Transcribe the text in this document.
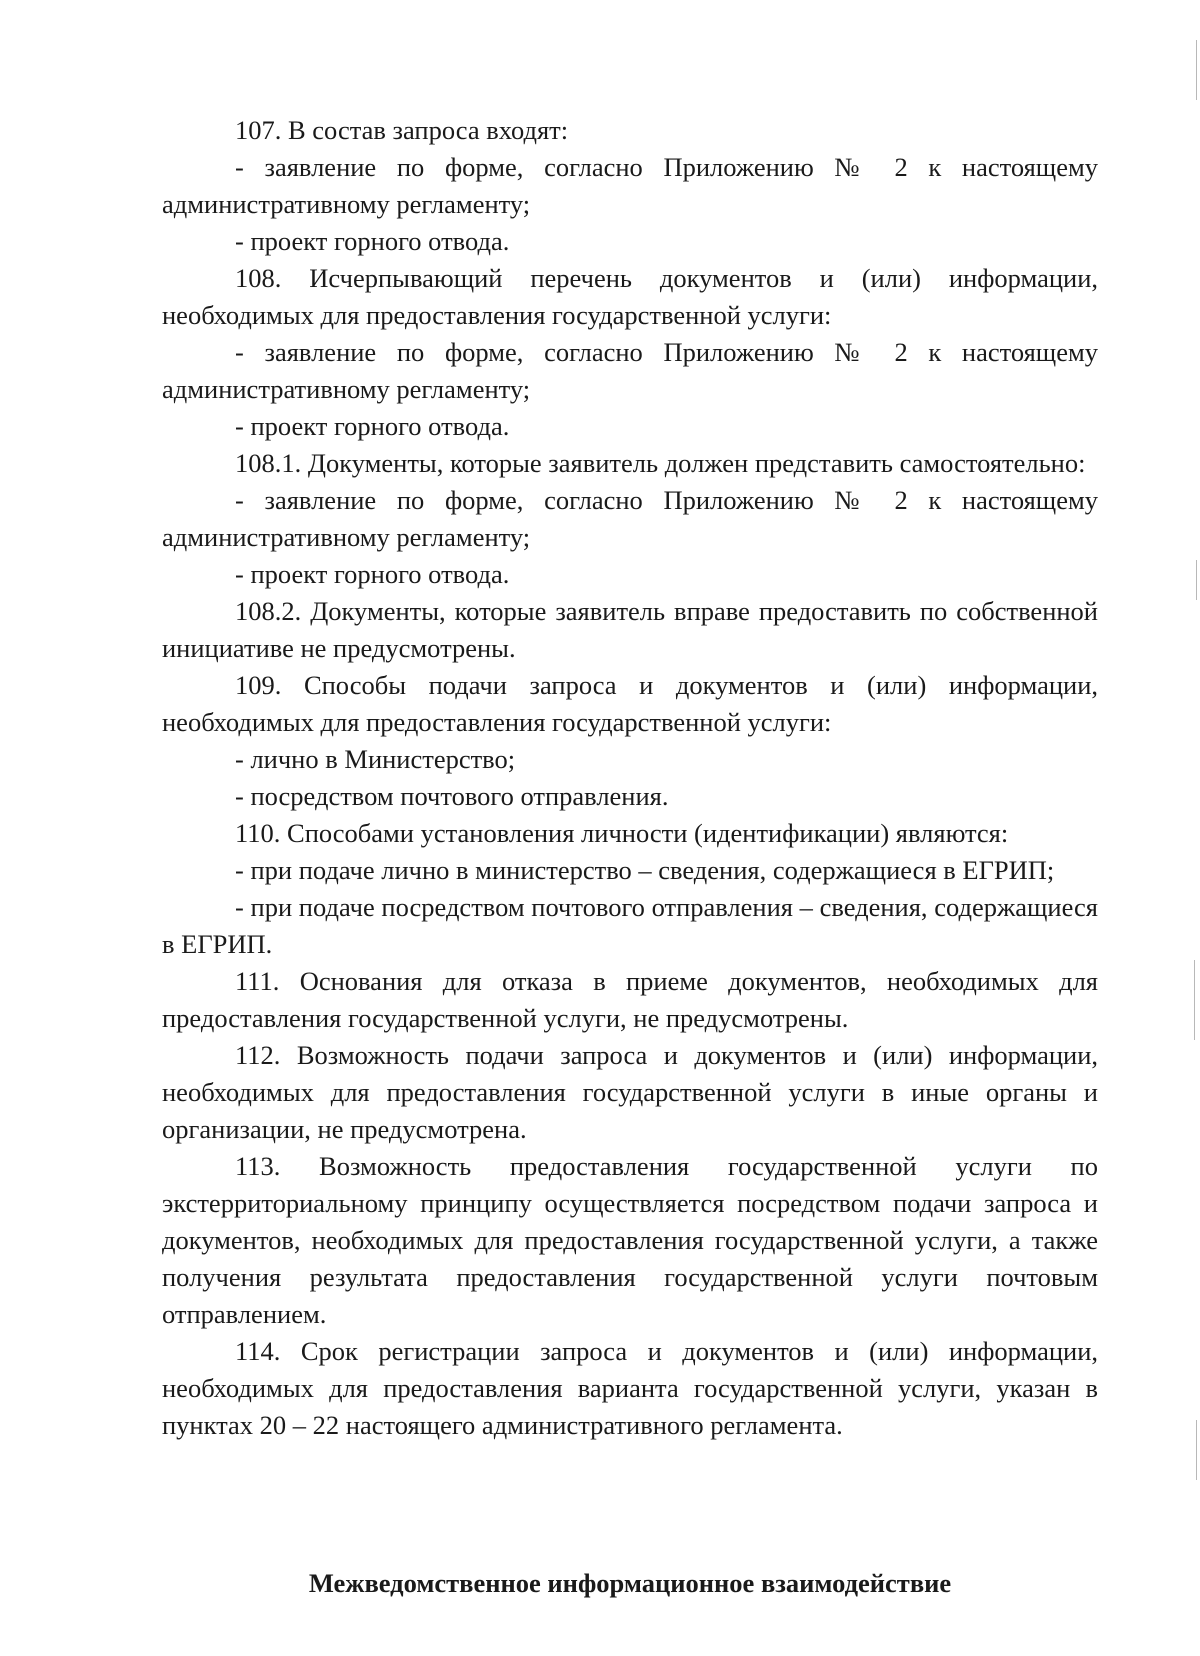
107. В состав запроса входят:

- заявление по форме, согласно Приложению № 2 к настоящему административному регламенту;

- проект горного отвода.

108. Исчерпывающий перечень документов и (или) информации, необходимых для предоставления государственной услуги:

- заявление по форме, согласно Приложению № 2 к настоящему административному регламенту;

- проект горного отвода.

108.1. Документы, которые заявитель должен представить самостоятельно:

- заявление по форме, согласно Приложению № 2 к настоящему административному регламенту;

- проект горного отвода.

108.2. Документы, которые заявитель вправе предоставить по собственной инициативе не предусмотрены.

109. Способы подачи запроса и документов и (или) информации, необходимых для предоставления государственной услуги:

- лично в Министерство;

- посредством почтового отправления.

110. Способами установления личности (идентификации) являются:

- при подаче лично в министерство – сведения, содержащиеся в ЕГРИП;

- при подаче посредством почтового отправления – сведения, содержащиеся в ЕГРИП.

111. Основания для отказа в приеме документов, необходимых для предоставления государственной услуги, не предусмотрены.

112. Возможность подачи запроса и документов и (или) информации, необходимых для предоставления государственной услуги в иные органы и организации, не предусмотрена.

113. Возможность предоставления государственной услуги по экстерриториальному принципу осуществляется посредством подачи запроса и документов, необходимых для предоставления государственной услуги, а также получения результата предоставления государственной услуги почтовым отправлением.

114. Срок регистрации запроса и документов и (или) информации, необходимых для предоставления варианта государственной услуги, указан в пунктах 20 – 22 настоящего административного регламента.

Межведомственное информационное взаимодействие
